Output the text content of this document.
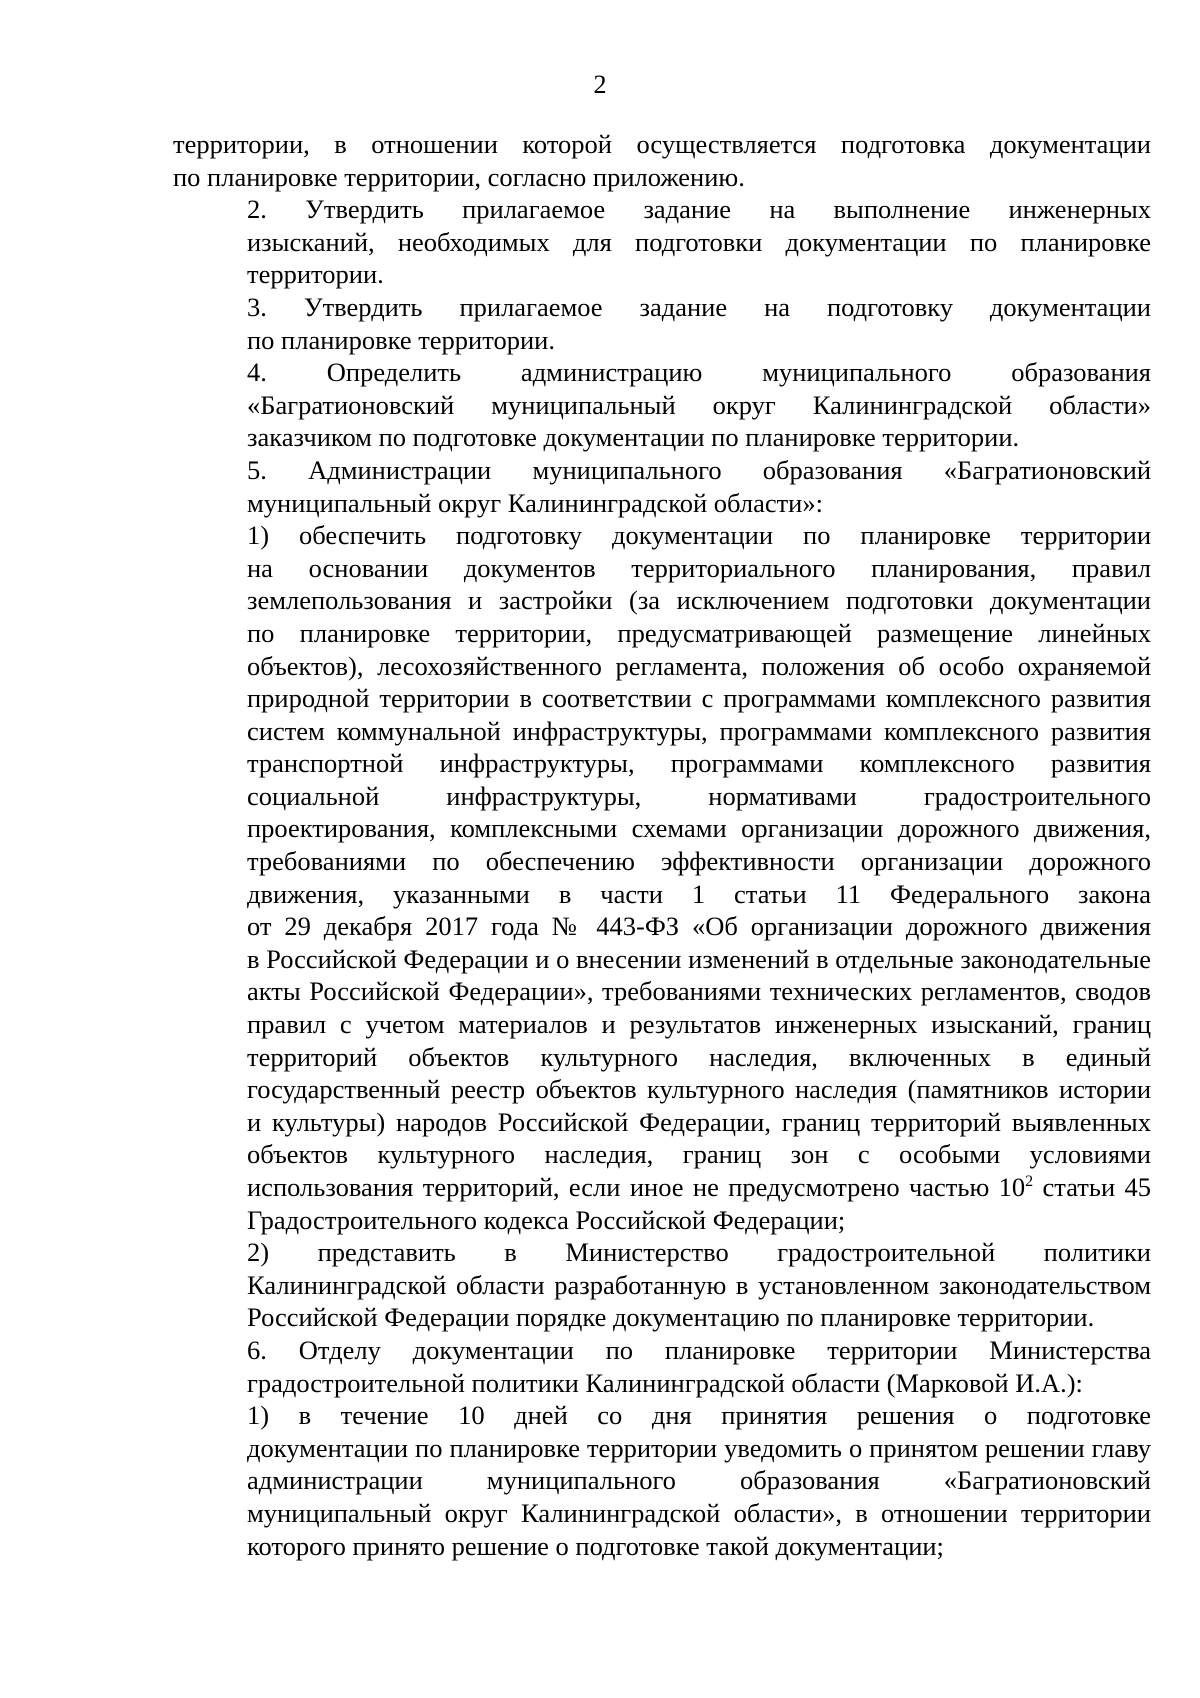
2

территории, в отношении которой осуществляется подготовка документации
по планировке территории, согласно приложению.

2. Утвердить прилагаемое задание на выполнение инженерных
изысканий, необходимых для подготовки документации по планировке
территории.

3. Утвердить прилагаемое задание на подготовку документации
по планировке территории.

4. Определить администрацию муниципального образования
«Багратионовский муниципальный округ Калининградской области»
заказчиком по подготовке документации по планировке территории.

5. Администрации муниципального образования «Багратионовский
муниципальный округ Калининградской области»:

1) обеспечить подготовку документации по планировке территории
на основании документов территориального планирования, правил
землепользования и застройки (за исключением подготовки документации
по планировке территории, предусматривающей размещение линейных
объектов), лесохозяйственного регламента, положения об особо охраняемой
природной территории в соответствии с программами комплексного развития
систем коммунальной инфраструктуры, программами комплексного развития
транспортной инфраструктуры, программами комплексного развития
социальной инфраструктуры, нормативами градостроительного
проектирования, комплексными схемами организации дорожного движения,
требованиями по обеспечению эффективности организации дорожного
движения, указанными в части 1 статьи 11 Федерального закона
от 29 декабря 2017 года № 443-ФЗ «Об организации дорожного движения
в Российской Федерации и о внесении изменений в отдельные законодательные
акты Российской Федерации», требованиями технических регламентов, сводов
правил с учетом материалов и результатов инженерных изысканий, границ
территорий объектов культурного наследия, включенных в единый
государственный реестр объектов культурного наследия (памятников истории
и культуры) народов Российской Федерации, границ территорий выявленных
объектов культурного наследия, границ зон с особыми условиями
использования территорий, если иное не предусмотрено частью $10^2$ статьи 45
Градостроительного кодекса Российской Федерации;

2) представить в Министерство градостроительной политики
Калининградской области разработанную в установленном законодательством
Российской Федерации порядке документацию по планировке территории.

6. Отделу документации по планировке территории Министерства
градостроительной политики Калининградской области (Марковой И.А.):

1) в течение 10 дней со дня принятия решения о подготовке
документации по планировке территории уведомить о принятом решении главу
администрации муниципального образования «Багратионовский
муниципальный округ Калининградской области», в отношении территории
которого принято решение о подготовке такой документации;
